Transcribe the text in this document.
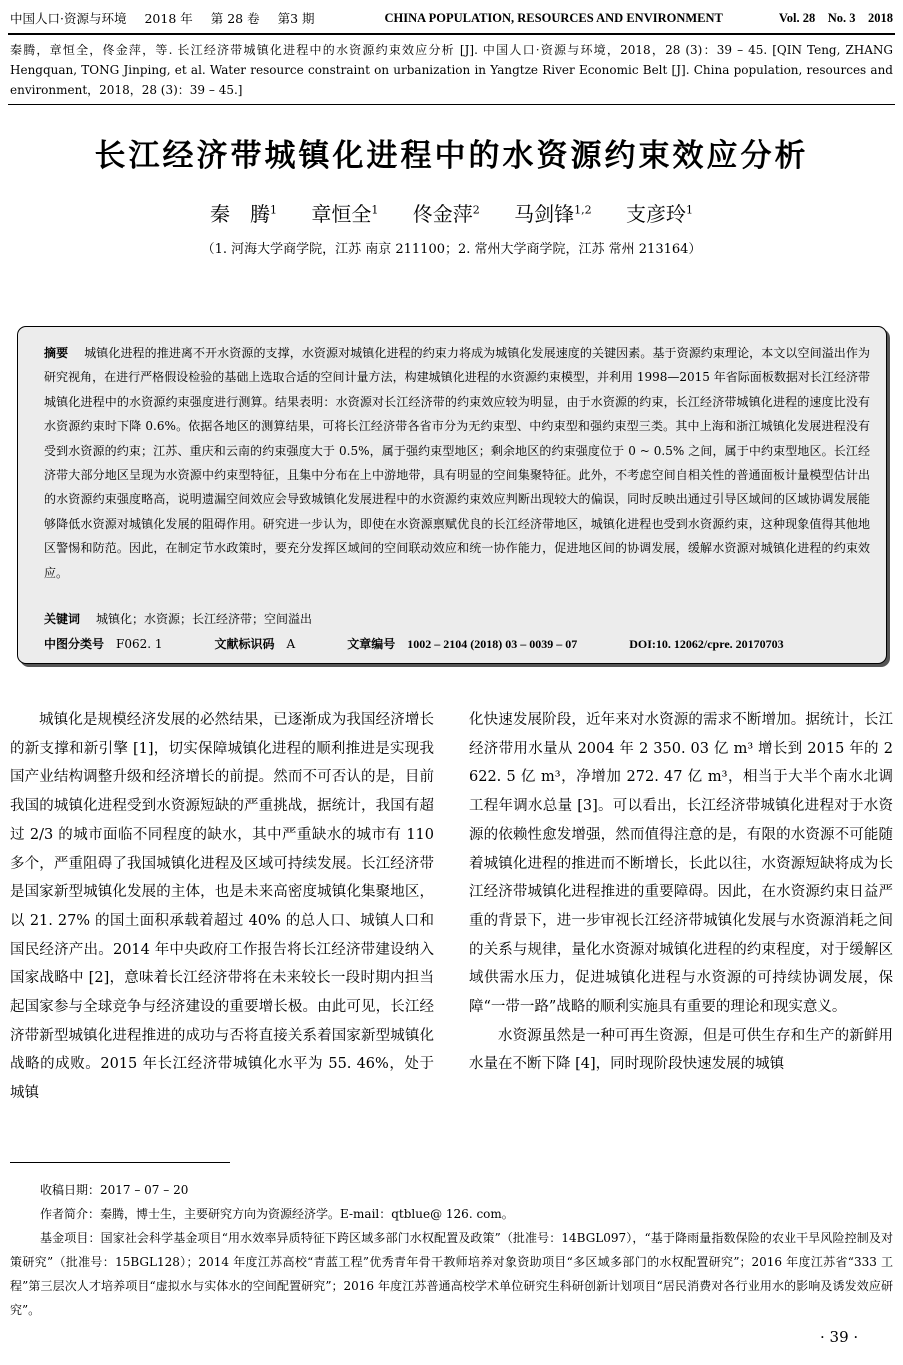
中国人口·资源与环境 2018 年 第 28 卷 第3 期	CHINA POPULATION, RESOURCES AND ENVIRONMENT	Vol. 28 No. 3 2018
秦腾，章恒全，佟金萍，等. 长江经济带城镇化进程中的水资源约束效应分析 [J]. 中国人口·资源与环境，2018，28 (3)：39 – 45. [QIN Teng, ZHANG Hengquan, TONG Jinping, et al. Water resource constraint on urbanization in Yangtze River Economic Belt [J]. China population, resources and environment，2018，28 (3)：39 – 45.]
长江经济带城镇化进程中的水资源约束效应分析
秦　腾$^1$ 章恒全$^1$ 佟金萍$^2$ 马剑锋$^{1,2}$ 支彦玲$^1$
（1. 河海大学商学院，江苏 南京 211100；2. 常州大学商学院，江苏 常州 213164）
摘要 城镇化进程的推进离不开水资源的支撑，水资源对城镇化进程的约束力将成为城镇化发展速度的关键因素。基于资源约束理论，本文以空间溢出作为研究视角，在进行严格假设检验的基础上选取合适的空间计量方法，构建城镇化进程的水资源约束模型，并利用 1998—2015 年省际面板数据对长江经济带城镇化进程中的水资源约束强度进行测算。结果表明：水资源对长江经济带的约束效应较为明显，由于水资源的约束，长江经济带城镇化进程的速度比没有水资源约束时下降 0.6%。依据各地区的测算结果，可将长江经济带各省市分为无约束型、中约束型和强约束型三类。其中上海和浙江城镇化发展进程没有受到水资源的约束；江苏、重庆和云南的约束强度大于 0.5%，属于强约束型地区；剩余地区的约束强度位于 0 ~ 0.5% 之间，属于中约束型地区。长江经济带大部分地区呈现为水资源中约束型特征，且集中分布在上中游地带，具有明显的空间集聚特征。此外，不考虑空间自相关性的普通面板计量模型估计出的水资源约束强度略高，说明遗漏空间效应会导致城镇化发展进程中的水资源约束效应判断出现较大的偏误，同时反映出通过引导区域间的区域协调发展能够降低水资源对城镇化发展的阻碍作用。研究进一步认为，即使在水资源禀赋优良的长江经济带地区，城镇化进程也受到水资源约束，这种现象值得其他地区警惕和防范。因此，在制定节水政策时，要充分发挥区域间的空间联动效应和统一协作能力，促进地区间的协调发展，缓解水资源对城镇化进程的约束效应。
关键词 城镇化；水资源；长江经济带；空间溢出
中图分类号 F062. 1	文献标识码 A	文章编号 1002 – 2104 (2018) 03 – 0039 – 07	DOI:10. 12062/cpre. 20170703

城镇化是规模经济发展的必然结果，已逐渐成为我国经济增长的新支撑和新引擎 [1]，切实保障城镇化进程的顺利推进是实现我国产业结构调整升级和经济增长的前提。然而不可否认的是，目前我国的城镇化进程受到水资源短缺的严重挑战，据统计，我国有超过 2/3 的城市面临不同程度的缺水，其中严重缺水的城市有 110 多个，严重阻碍了我国城镇化进程及区域可持续发展。长江经济带是国家新型城镇化发展的主体，也是未来高密度城镇化集聚地区，以 21. 27% 的国土面积承载着超过 40% 的总人口、城镇人口和国民经济产出。2014 年中央政府工作报告将长江经济带建设纳入国家战略中 [2]，意味着长江经济带将在未来较长一段时期内担当起国家参与全球竞争与经济建设的重要增长极。由此可见，长江经济带新型城镇化进程推进的成功与否将直接关系着国家新型城镇化战略的成败。2015 年长江经济带城镇化水平为 55. 46%，处于城镇

化快速发展阶段，近年来对水资源的需求不断增加。据统计，长江经济带用水量从 2004 年 2 350. 03 亿 m³ 增长到 2015 年的 2 622. 5 亿 m³，净增加 272. 47 亿 m³，相当于大半个南水北调工程年调水总量 [3]。可以看出，长江经济带城镇化进程对于水资源的依赖性愈发增强，然而值得注意的是，有限的水资源不可能随着城镇化进程的推进而不断增长，长此以往，水资源短缺将成为长江经济带城镇化进程推进的重要障碍。因此，在水资源约束日益严重的背景下，进一步审视长江经济带城镇化发展与水资源消耗之间的关系与规律，量化水资源对城镇化进程的约束程度，对于缓解区域供需水压力，促进城镇化进程与水资源的可持续协调发展，保障“一带一路”战略的顺利实施具有重要的理论和现实意义。

水资源虽然是一种可再生资源，但是可供生存和生产的新鲜用水量在不断下降 [4]，同时现阶段快速发展的城镇

收稿日期：2017 – 07 – 20

作者简介：秦腾，博士生，主要研究方向为资源经济学。E-mail：qtblue@ 126. com。

基金项目：国家社会科学基金项目“用水效率异质特征下跨区域多部门水权配置及政策”（批准号：14BGL097），“基于降雨量指数保险的农业干旱风险控制及对策研究”（批准号：15BGL128）；2014 年度江苏高校“青蓝工程”优秀青年骨干教师培养对象资助项目“多区域多部门的水权配置研究”；2016 年度江苏省“333 工程”第三层次人才培养项目“虚拟水与实体水的空间配置研究”；2016 年度江苏普通高校学术单位研究生科研创新计划项目“居民消费对各行业用水的影响及诱发效应研究”。

· 39 ·
